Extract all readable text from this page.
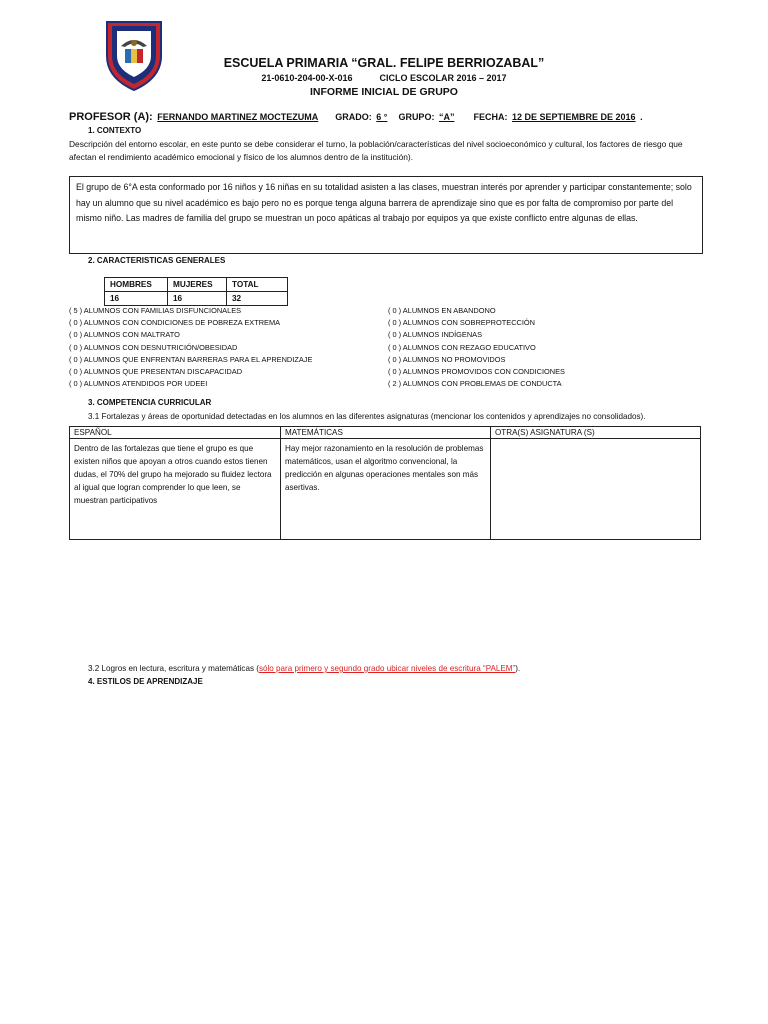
ESCUELA PRIMARIA “GRAL. FELIPE BERRIOZABAL”
21-0610-204-00-X-016	CICLO ESCOLAR 2016 – 2017
INFORME INICIAL DE GRUPO
PROFESOR (A): FERNANDO MARTINEZ MOCTEZUMA GRADO: 6 ° GRUPO: “A” FECHA: 12 DE SEPTIEMBRE DE 2016 .
1. CONTEXTO
Descripción del entorno escolar, en este punto se debe considerar el turno, la población/características del nivel socioeconómico y cultural, los factores de riesgo que afectan el rendimiento académico emocional y físico de los alumnos dentro de la institución).
El grupo de 6°A esta conformado por 16 niños y 16 niñas en su totalidad asisten a las clases, muestran interés por aprender y participar constantemente; solo hay un alumno que su nivel académico es bajo pero no es porque tenga alguna barrera de aprendizaje sino que es por falta de compromiso por parte del mismo niño. Las madres de familia del grupo se muestran un poco apáticas al trabajo por equipos ya que existe conflicto entre algunas de ellas.
2. CARACTERISTICAS GENERALES
HOMBRES	MUJERES	TOTAL
16	16	32
( 5 ) ALUMNOS CON FAMILIAS DISFUNCIONALES
( 0 ) ALUMNOS CON CONDICIONES DE POBREZA EXTREMA
( 0 ) ALUMNOS CON MALTRATO
( 0 ) ALUMNOS CON DESNUTRICIÓN/OBESIDAD
( 0 ) ALUMNOS QUE ENFRENTAN BARRERAS PARA EL APRENDIZAJE
( 0 ) ALUMNOS QUE PRESENTAN DISCAPACIDAD
( 0 ) ALUMNOS ATENDIDOS POR UDEEI
( 0 ) ALUMNOS EN ABANDONO
( 0 ) ALUMNOS CON SOBREPROTECCIÓN
( 0 ) ALUMNOS INDÍGENAS
( 0 ) ALUMNOS CON REZAGO EDUCATIVO
( 0 ) ALUMNOS NO PROMOVIDOS
( 0 ) ALUMNOS PROMOVIDOS CON CONDICIONES
( 2 ) ALUMNOS CON PROBLEMAS DE CONDUCTA
3. COMPETENCIA CURRICULAR
3.1 Fortalezas y áreas de oportunidad detectadas en los alumnos en las diferentes asignaturas (mencionar los contenidos y aprendizajes no consolidados).
ESPAÑOL	MATEMÁTICAS	OTRA(S) ASIGNATURA (S)
Dentro de las fortalezas que tiene el grupo es que existen niños que apoyan a otros cuando estos tienen dudas, el 70% del grupo ha mejorado su fluidez lectora al igual que logran comprender lo que leen, se muestran participativos	Hay mejor razonamiento en la resolución de problemas matemáticos, usan el algoritmo convencional, la predicción en algunas operaciones mentales son más asertivas.	
3.2 Logros en lectura, escritura y matemáticas (sólo para primero y segundo grado ubicar niveles de escritura “PALEM”).
4. ESTILOS DE APRENDIZAJE
